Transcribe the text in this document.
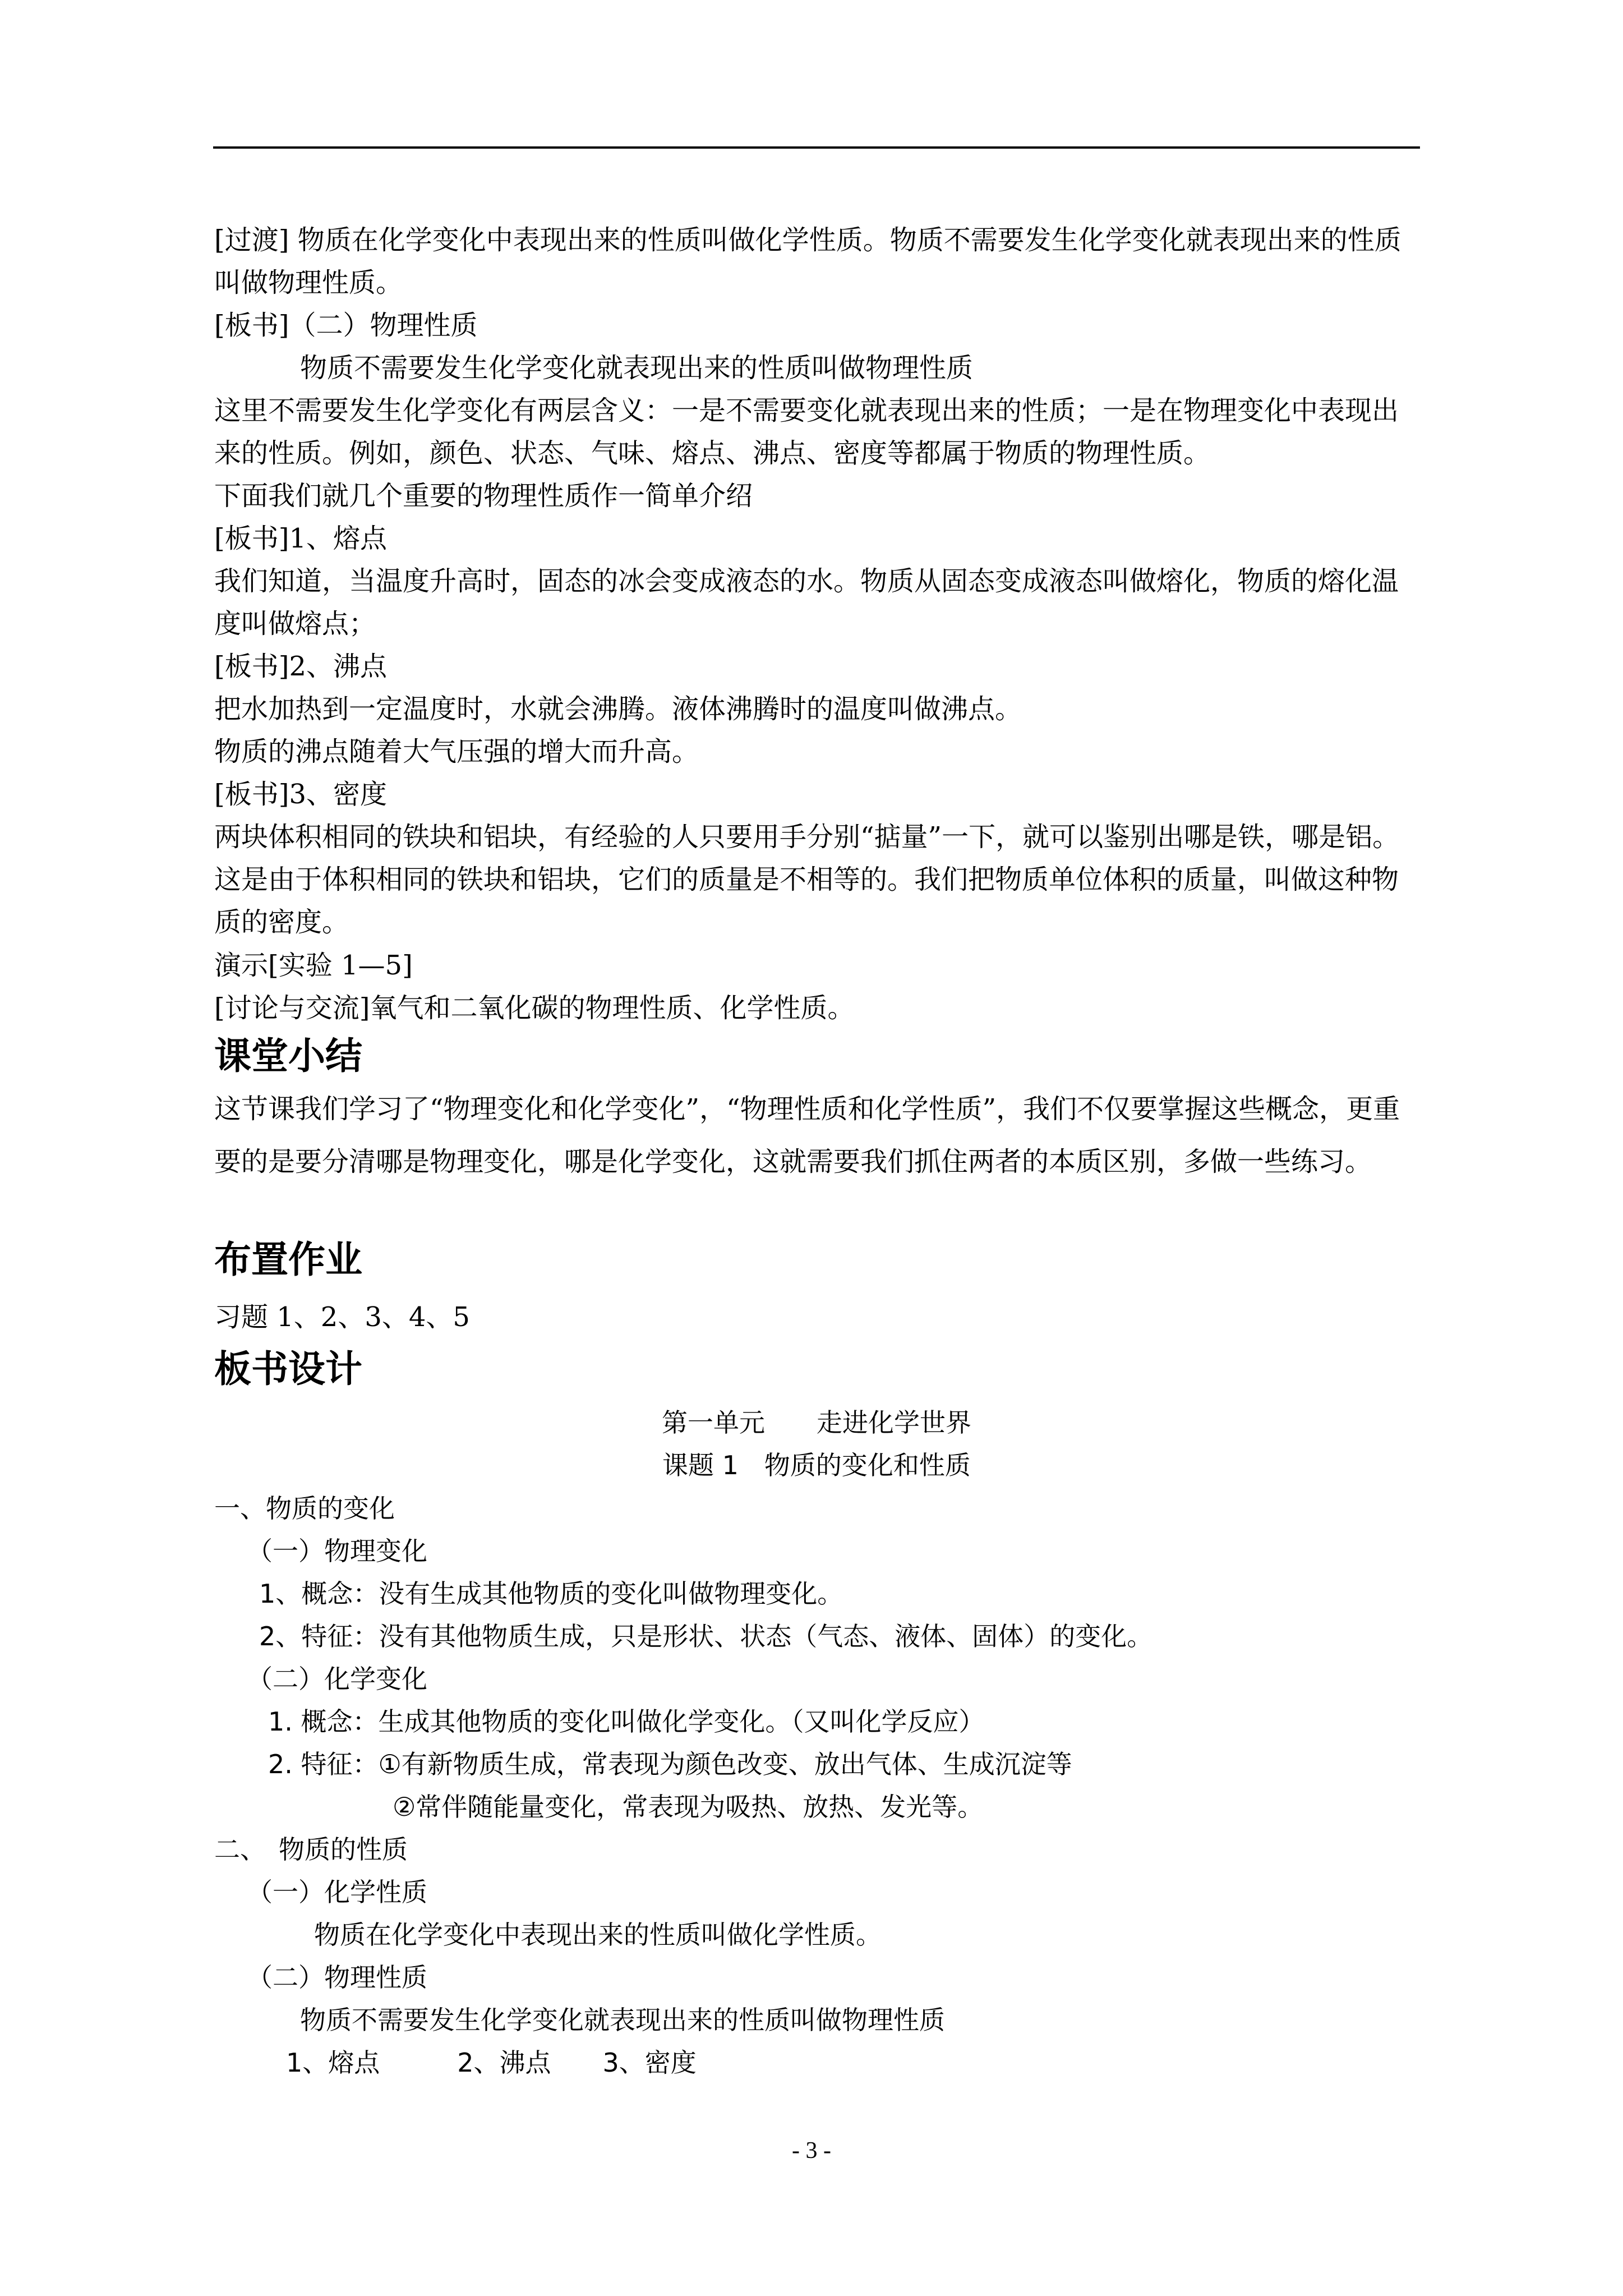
[过渡] 物质在化学变化中表现出来的性质叫做化学性质。物质不需要发生化学变化就表现出来的性质叫做物理性质。
[板书]（二）物理性质
物质不需要发生化学变化就表现出来的性质叫做物理性质
这里不需要发生化学变化有两层含义：一是不需要变化就表现出来的性质；一是在物理变化中表现出来的性质。例如，颜色、状态、气味、熔点、沸点、密度等都属于物质的物理性质。
下面我们就几个重要的物理性质作一简单介绍
[板书]1、熔点
我们知道，当温度升高时，固态的冰会变成液态的水。物质从固态变成液态叫做熔化，物质的熔化温度叫做熔点；
[板书]2、沸点
把水加热到一定温度时，水就会沸腾。液体沸腾时的温度叫做沸点。
物质的沸点随着大气压强的增大而升高。
[板书]3、密度
两块体积相同的铁块和铝块，有经验的人只要用手分别“掂量”一下，就可以鉴别出哪是铁，哪是铝。这是由于体积相同的铁块和铝块，它们的质量是不相等的。我们把物质单位体积的质量，叫做这种物质的密度。
演示[实验 1—5]
[讨论与交流]氧气和二氧化碳的物理性质、化学性质。
课堂小结
这节课我们学习了“物理变化和化学变化”，“物理性质和化学性质”，我们不仅要掌握这些概念，更重要的是要分清哪是物理变化，哪是化学变化，这就需要我们抓住两者的本质区别，多做一些练习。
布置作业
习题 1、2、3、4、5
板书设计
第一单元　　走进化学世界
课题 1　物质的变化和性质
一、物质的变化
（一）物理变化
1、概念：没有生成其他物质的变化叫做物理变化。
2、特征：没有其他物质生成，只是形状、状态（气态、液体、固体）的变化。
（二）化学变化
1. 概念：生成其他物质的变化叫做化学变化。（又叫化学反应）
2. 特征：①有新物质生成，常表现为颜色改变、放出气体、生成沉淀等
②常伴随能量变化，常表现为吸热、放热、发光等。
二、　物质的性质
（一）化学性质
物质在化学变化中表现出来的性质叫做化学性质。
（二）物理性质
物质不需要发生化学变化就表现出来的性质叫做物理性质
1、熔点　　　2、沸点　　3、密度
- 3 -
